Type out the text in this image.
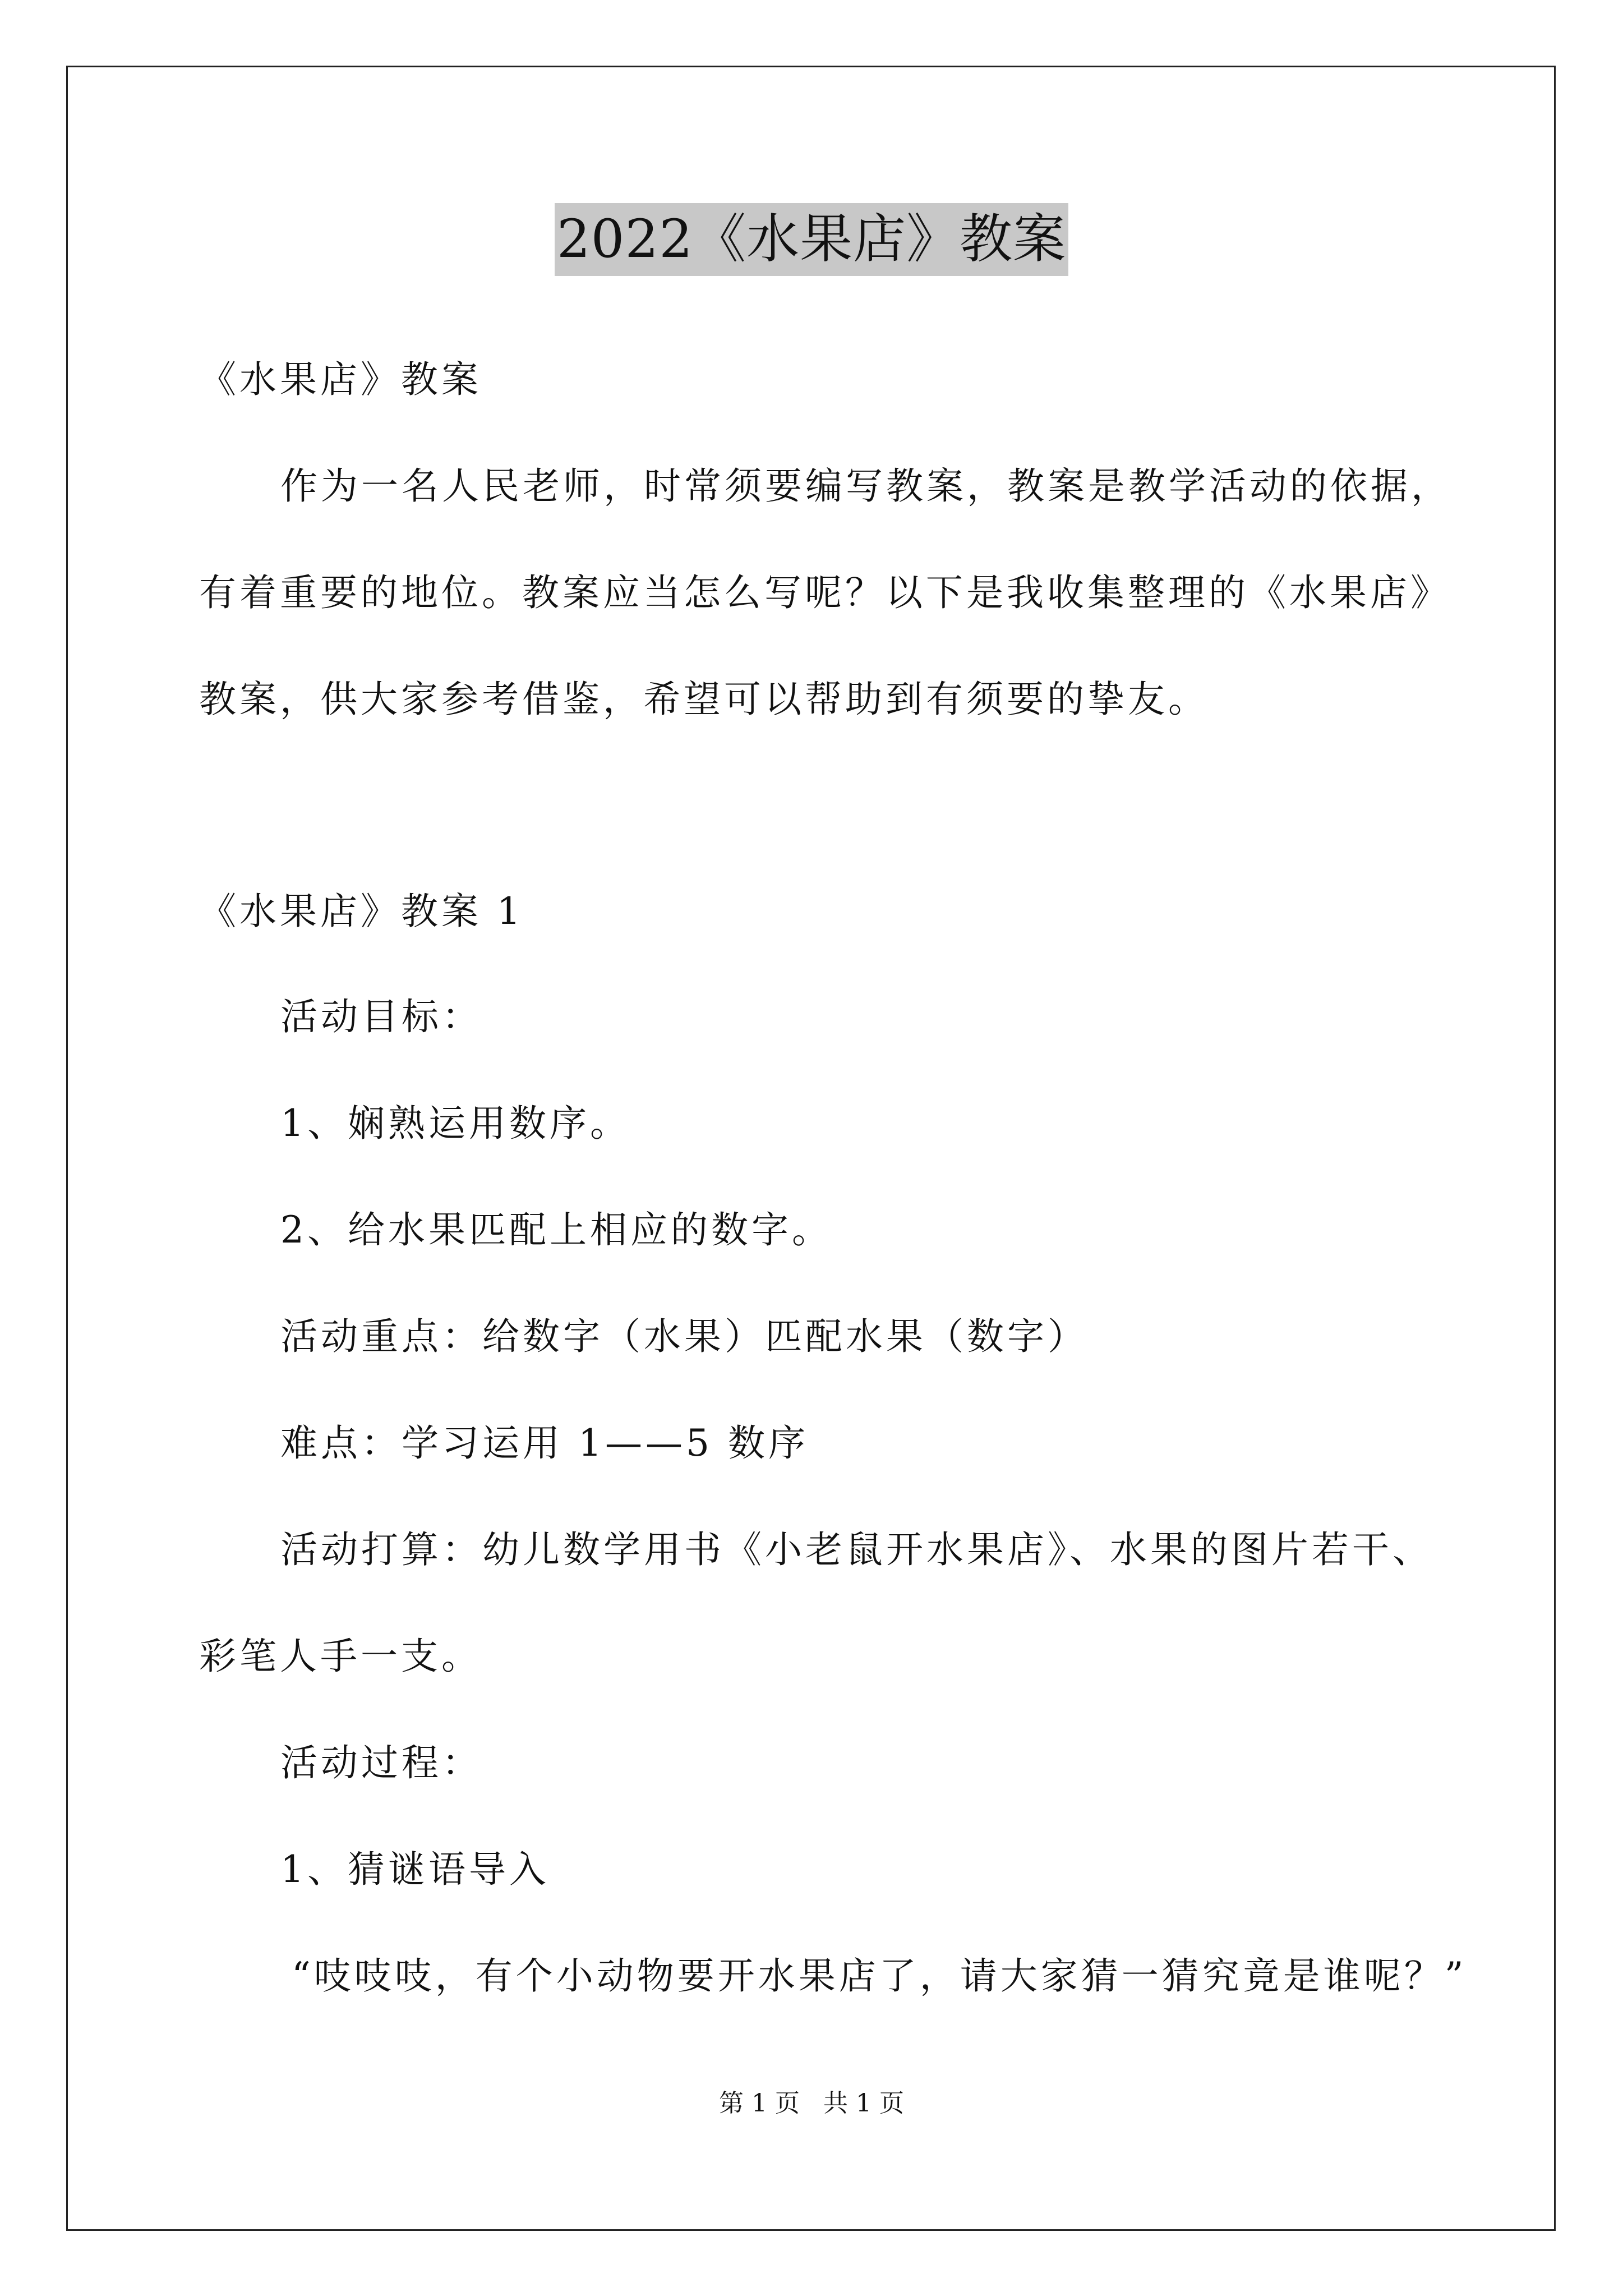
2022《水果店》教案
《水果店》教案
作为一名人民老师，时常须要编写教案，教案是教学活动的依据，
有着重要的地位。教案应当怎么写呢？以下是我收集整理的《水果店》
教案，供大家参考借鉴，希望可以帮助到有须要的挚友。
《水果店》教案 1
活动目标：
1、娴熟运用数序。
2、给水果匹配上相应的数字。
活动重点：给数字（水果）匹配水果（数字）
难点：学习运用 1——5 数序
活动打算：幼儿数学用书《小老鼠开水果店》、水果的图片若干、
彩笔人手一支。
活动过程：
1、猜谜语导入
“吱吱吱，有个小动物要开水果店了，请大家猜一猜究竟是谁呢？”
第 1 页   共 1 页
